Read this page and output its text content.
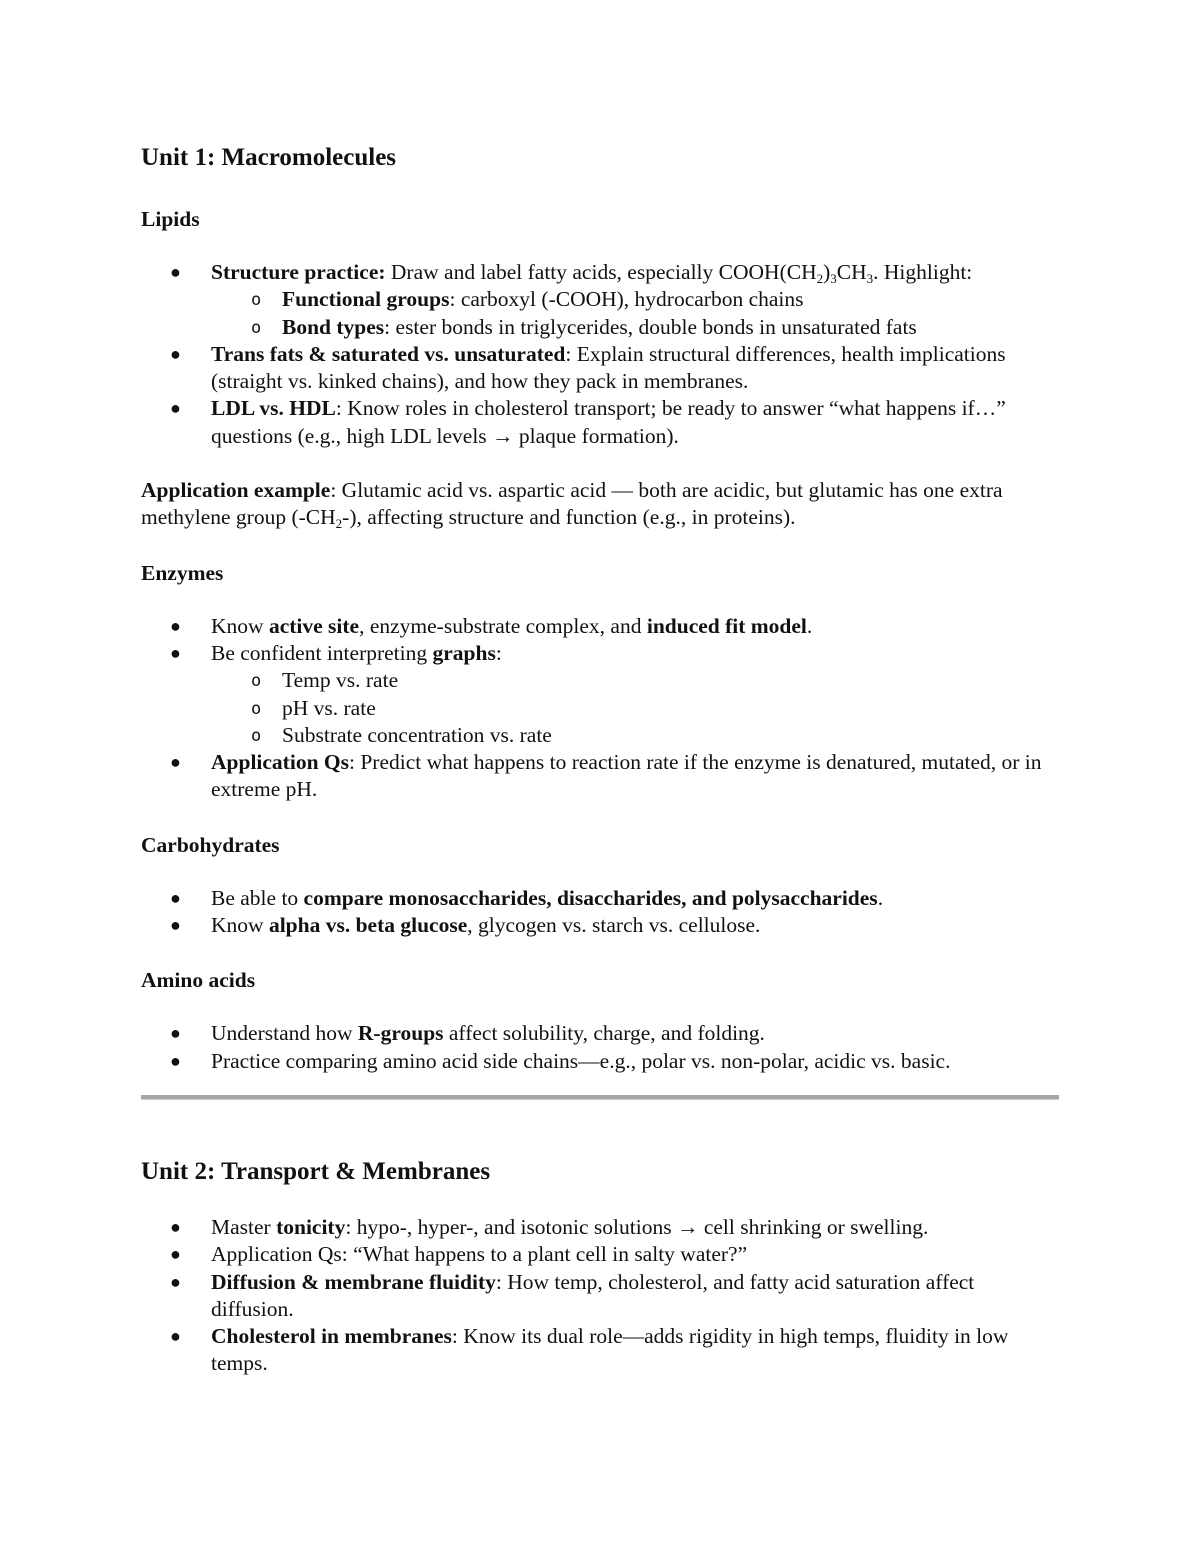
Unit 1: Macromolecules
Lipids
● Structure practice: Draw and label fatty acids, especially $COOH(CH_2)_3CH_3$. Highlight:
o Functional groups: carboxyl (-COOH), hydrocarbon chains
o Bond types: ester bonds in triglycerides, double bonds in unsaturated fats
● Trans fats & saturated vs. unsaturated: Explain structural differences, health implications (straight vs. kinked chains), and how they pack in membranes.
● LDL vs. HDL: Know roles in cholesterol transport; be ready to answer “what happens if…” questions (e.g., high LDL levels → plaque formation).

Application example: Glutamic acid vs. aspartic acid — both are acidic, but glutamic has one extra methylene group $(-CH_2-)$, affecting structure and function (e.g., in proteins).

Enzymes
● Know active site, enzyme-substrate complex, and induced fit model.
● Be confident interpreting graphs:
o Temp vs. rate
o pH vs. rate
o Substrate concentration vs. rate
● Application Qs: Predict what happens to reaction rate if the enzyme is denatured, mutated, or in extreme pH.
Carbohydrates
● Be able to compare monosaccharides, disaccharides, and polysaccharides.
● Know alpha vs. beta glucose, glycogen vs. starch vs. cellulose.
Amino acids
● Understand how R-groups affect solubility, charge, and folding.
● Practice comparing amino acid side chains—e.g., polar vs. non-polar, acidic vs. basic.
Unit 2: Transport & Membranes
● Master tonicity: hypo-, hyper-, and isotonic solutions → cell shrinking or swelling.
● Application Qs: “What happens to a plant cell in salty water?”
● Diffusion & membrane fluidity: How temp, cholesterol, and fatty acid saturation affect diffusion.
● Cholesterol in membranes: Know its dual role—adds rigidity in high temps, fluidity in low temps.
